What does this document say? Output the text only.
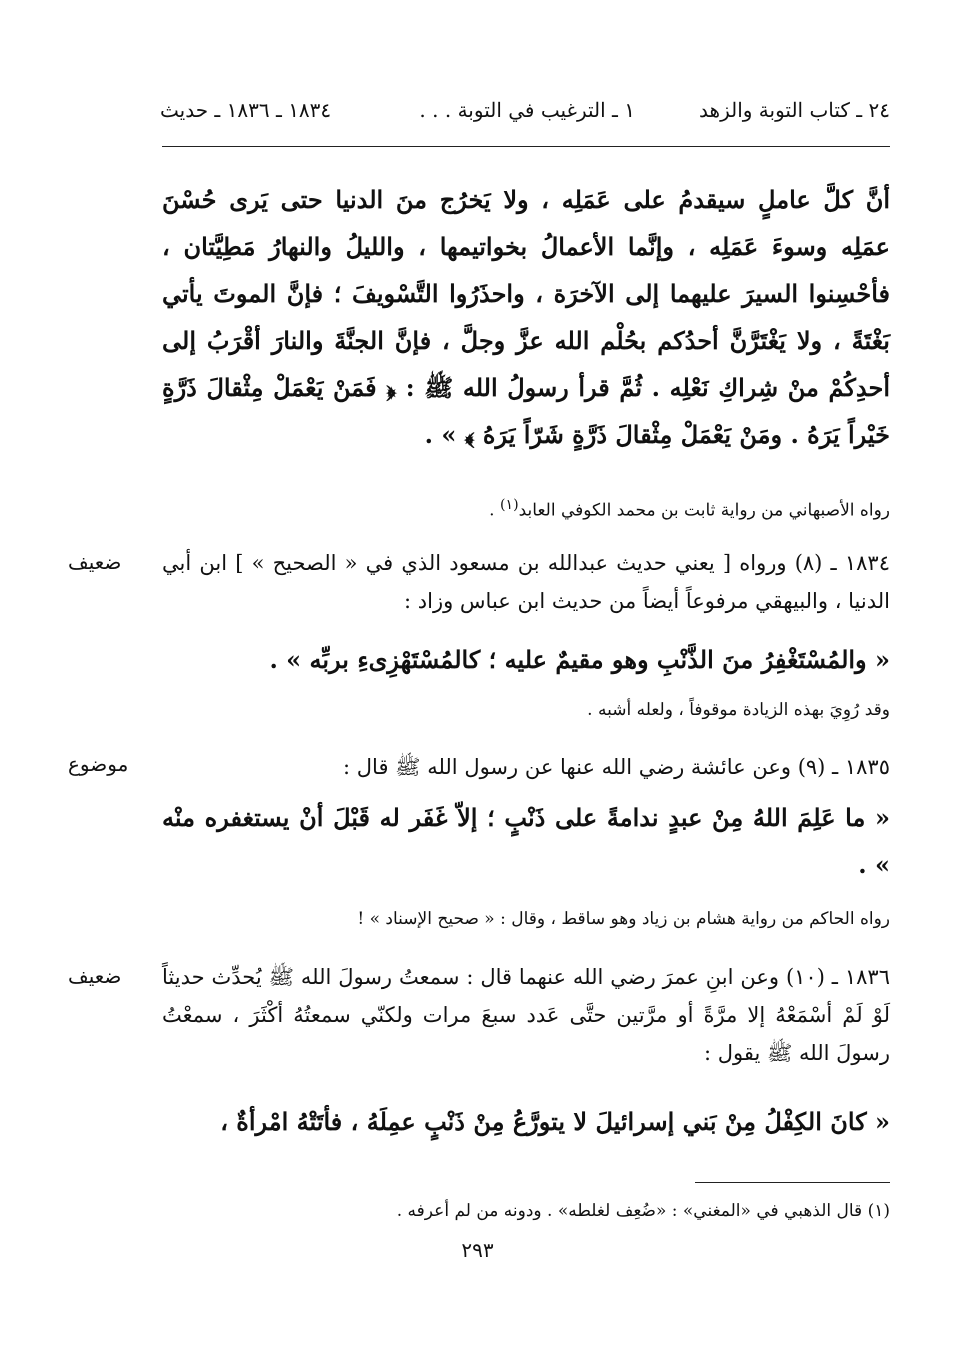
٢٤ ـ كتاب التوبة والزهد
١ ـ الترغيب في التوبة . . .
١٨٣٤ ـ ١٨٣٦ ـ حديث
أنَّ كلَّ عاملٍ سيقدمُ على عَمَلِه ، ولا يَخرُج منَ الدنيا حتى يَرى حُسْنَ عمَلِه وسوءَ عَمَلِه ، وإنَّما الأعمالُ بخواتيمها ، والليلُ والنهارُ مَطِيَّتان ، فأحْسِنوا السيرَ عليهما إلى الآخرَة ، واحذَرُوا التَّسْويفَ ؛ فإنَّ الموتَ يأتي بَغْتَةً ، ولا يَغْتَرَّنَّ أحدُكم بحُلْم الله عزَّ وجلَّ ، فإنَّ الجنَّةَ والنارَ أقْرَبُ إلى أحدِكُمْ منْ شِراكِ نَعْلِه . ثُمَّ قرأ رسولُ الله ﷺ : ﴿ فَمَنْ يَعْمَلْ مِثْقالَ ذَرَّةٍ خَيْراً يَرَهُ . ومَنْ يَعْمَلْ مِثْقالَ ذَرَّةٍ شَرّاً يَرَهُ ﴾ » .
رواه الأصبهاني من رواية ثابت بن محمد الكوفي العابد$^{(١)}$ .
ضعيف ١٨٣٤ ـ (٨) ورواه [ يعني حديث عبدالله بن مسعود الذي في « الصحيح » ] ابن أبي الدنيا ، والبيهقي مرفوعاً أيضاً من حديث ابن عباس وزاد :
« والمُسْتَغْفِرُ منَ الذَّنْبِ وهو مقيمٌ عليه ؛ كالمُسْتَهْزِىءِ بربِّه » .
وقد رُوِيَ بهذه الزيادة موقوفاً ، ولعله أشبه .
موضوع	١٨٣٥ ـ (٩) وعن عائشة رضي الله عنها عن رسول الله ﷺ قال :
« ما عَلِمَ اللهُ مِنْ عبدٍ ندامةً على ذَنْبٍ ؛ إلاّ غَفَر له قَبْلَ أنْ يستغفره منْه » .
رواه الحاكم من رواية هشام بن زياد وهو ساقط ، وقال : « صحيح الإسناد » !
ضعيف ١٨٣٦ ـ (١٠) وعن ابنِ عمرَ رضي الله عنهما قال : سمعتُ رسولَ الله ﷺ يُحدِّث حديثاً لَوْ لَمْ أسْمَعْهُ إلا مرَّةً أو مرَّتين حتَّى عَدد سبعَ مرات ولكنّي سمعتُهُ أكْثَرَ ، سمعْتُ رسولَ الله ﷺ يقول :
« كانَ الكِفْلُ مِنْ بَني إسرائيلَ لا يتورَّعُ مِنْ ذَنْبٍ عمِلَهُ ، فأتَتْهُ امْرأةٌ ،
(١) قال الذهبي في «المغني» : «ضُعِف لغلطه» . ودونه من لم أعرفه .
٢٩٣
